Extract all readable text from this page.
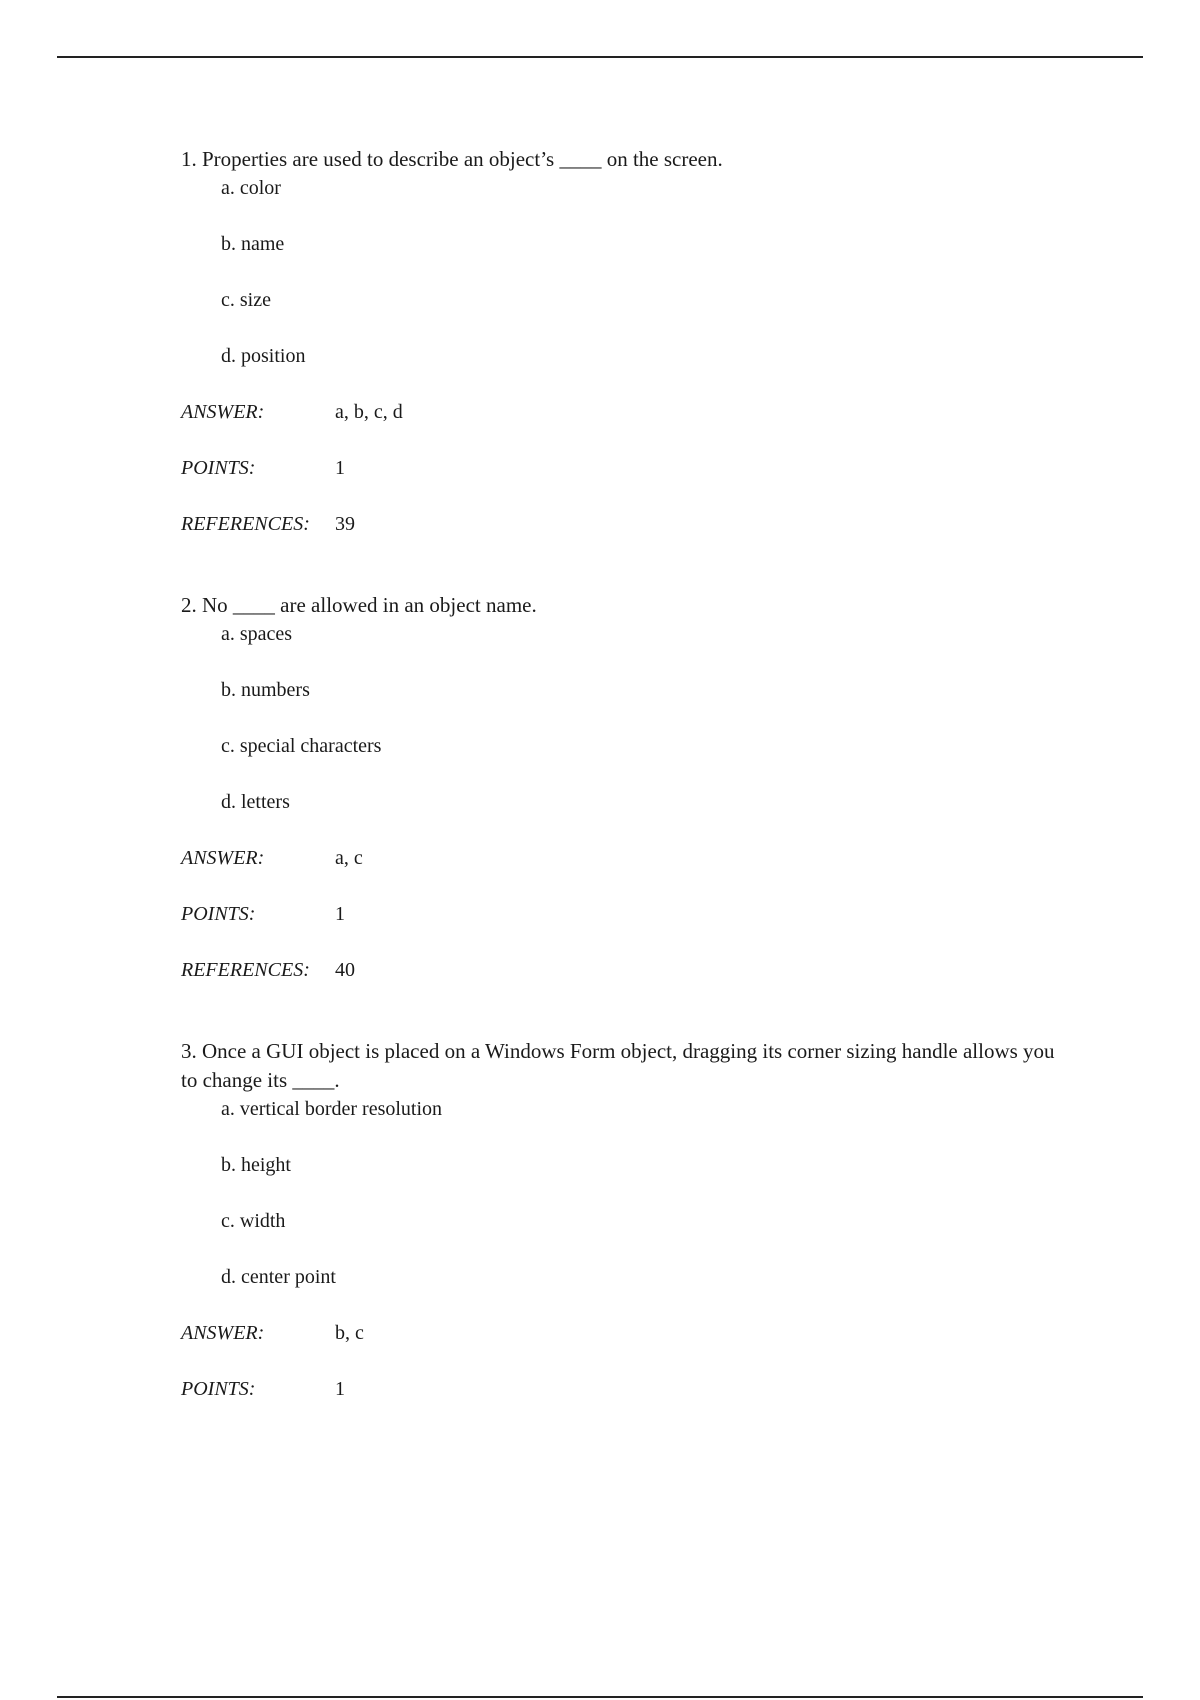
1. Properties are used to describe an object’s ____ on the screen.

a. color
b. name
c. size
d. position
ANSWER:	a, b, c, d
POINTS:	1
REFERENCES:	39

2. No ____ are allowed in an object name.

a. spaces
b. numbers
c. special characters
d. letters
ANSWER:	a, c
POINTS:	1
REFERENCES:	40

3. Once a GUI object is placed on a Windows Form object, dragging its corner sizing handle allows you to change its ____.

a. vertical border resolution
b. height
c. width
d. center point
ANSWER:	b, c
POINTS:	1
